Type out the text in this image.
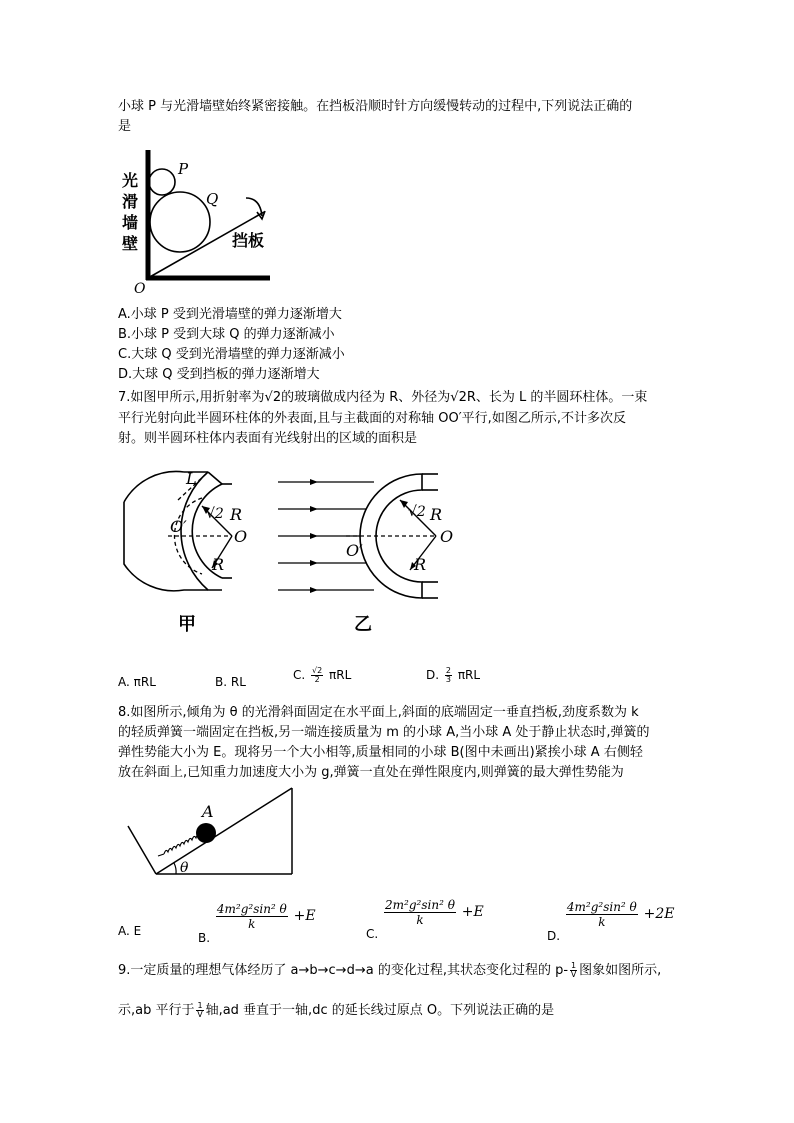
小球 P 与光滑墙壁始终紧密接触。在挡板沿顺时针方向缓慢转动的过程中,下列说法正确的
是
光
滑
墙
壁
P
Q
O
挡板
A.小球 P 受到光滑墙壁的弹力逐渐增大
B.小球 P 受到大球 Q 的弹力逐渐减小
C.大球 Q 受到光滑墙壁的弹力逐渐减小
D.大球 Q 受到挡板的弹力逐渐增大
7.如图甲所示,用折射率为√2的玻璃做成内径为 R、外径为√2R、长为 L 的半圆环柱体。一束
平行光射向此半圆环柱体的外表面,且与主截面的对称轴 OO′平行,如图乙所示,不计多次反
射。则半圆环柱体内表面有光线射出的区域的面积是
L
O′
O
√2 R
R
甲
O′
O
√2 R
R
乙
A. πRL	B. RL	C. $\frac{√2}{2}$ πRL	D. $\frac{2}{3}$ πRL
8.如图所示,倾角为 θ 的光滑斜面固定在水平面上,斜面的底端固定一垂直挡板,劲度系数为 k
的轻质弹簧一端固定在挡板,另一端连接质量为 m 的小球 A,当小球 A 处于静止状态时,弹簧的
弹性势能大小为 E。现将另一个大小相等,质量相同的小球 B(图中未画出)紧挨小球 A 右侧轻
放在斜面上,已知重力加速度大小为 g,弹簧一直处在弹性限度内,则弹簧的最大弹性势能为
A
θ
A. E	B.
$\frac{\text{4m²g²sin² θ}}{k} +E$
C.
$\frac{\text{2m²g²sin² θ}}{k} +E$
D.
$\frac{\text{4m²g²sin² θ}}{k} +2E$
9.一定质量的理想气体经历了 a→b→c→d→a 的变化过程,其状态变化过程的 $p- \frac{1}{V}$ 图象如图所示,
示,ab 平行于 $\frac{1}{V}$ 轴,ad 垂直于一轴,dc 的延长线过原点 O。下列说法正确的是
